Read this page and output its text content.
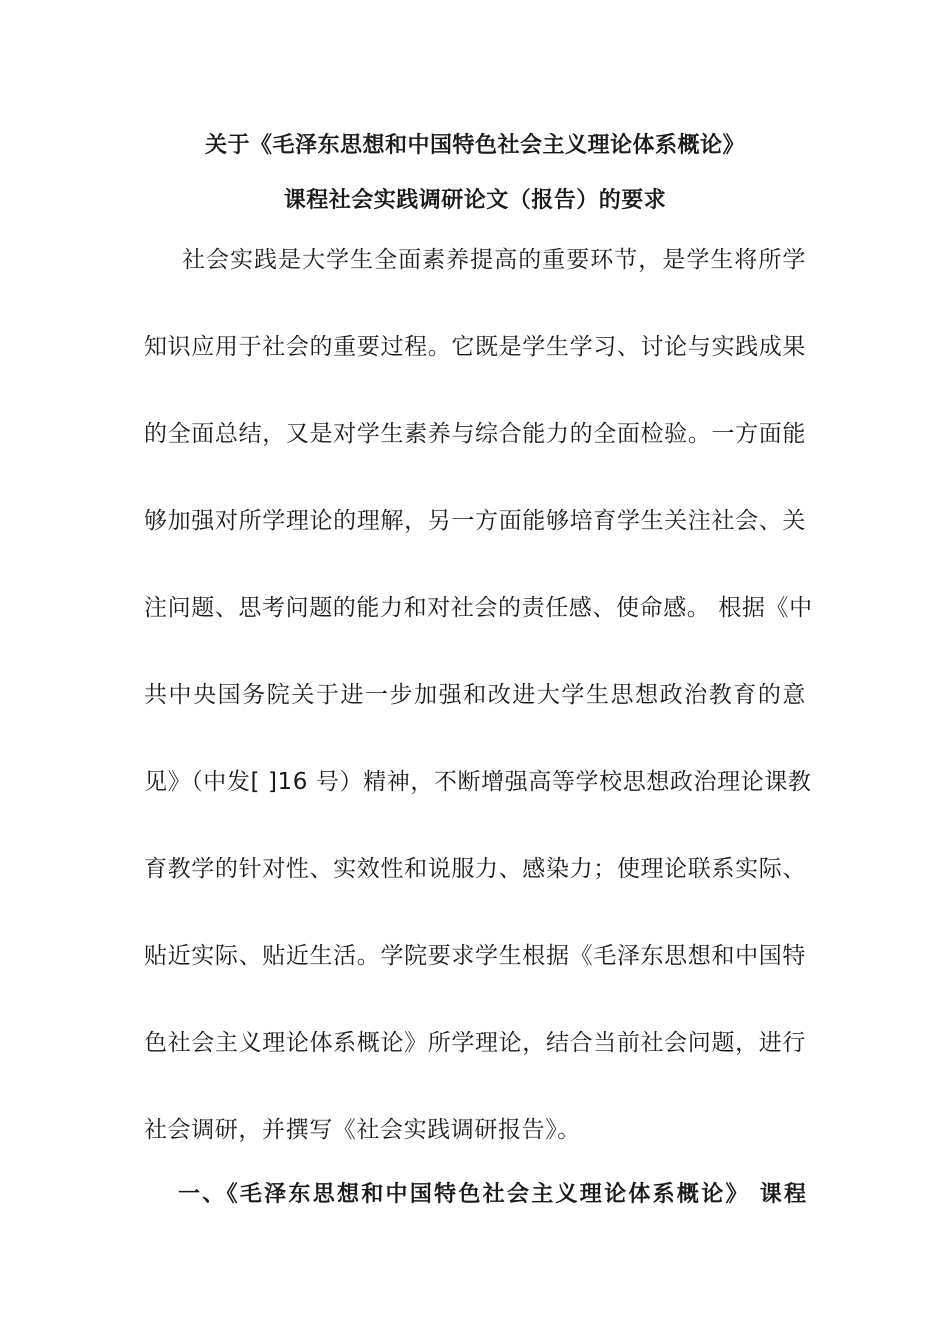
关于《毛泽东思想和中国特色社会主义理论体系概论》
课程社会实践调研论文（报告）的要求
社会实践是大学生全面素养提高的重要环节，是学生将所学
知识应用于社会的重要过程。它既是学生学习、讨论与实践成果
的全面总结，又是对学生素养与综合能力的全面检验。一方面能
够加强对所学理论的理解，另一方面能够培育学生关注社会、关
注问题、思考问题的能力和对社会的责任感、使命感。 根据《中
共中央国务院关于进一步加强和改进大学生思想政治教育的意
见》（中发[ ]16 号）精神，不断增强高等学校思想政治理论课教
育教学的针对性、实效性和说服力、感染力；使理论联系实际、
贴近实际、贴近生活。学院要求学生根据《毛泽东思想和中国特
色社会主义理论体系概论》所学理论，结合当前社会问题，进行
社会调研，并撰写《社会实践调研报告》。
一、《毛泽东思想和中国特色社会主义理论体系概论》 课程
